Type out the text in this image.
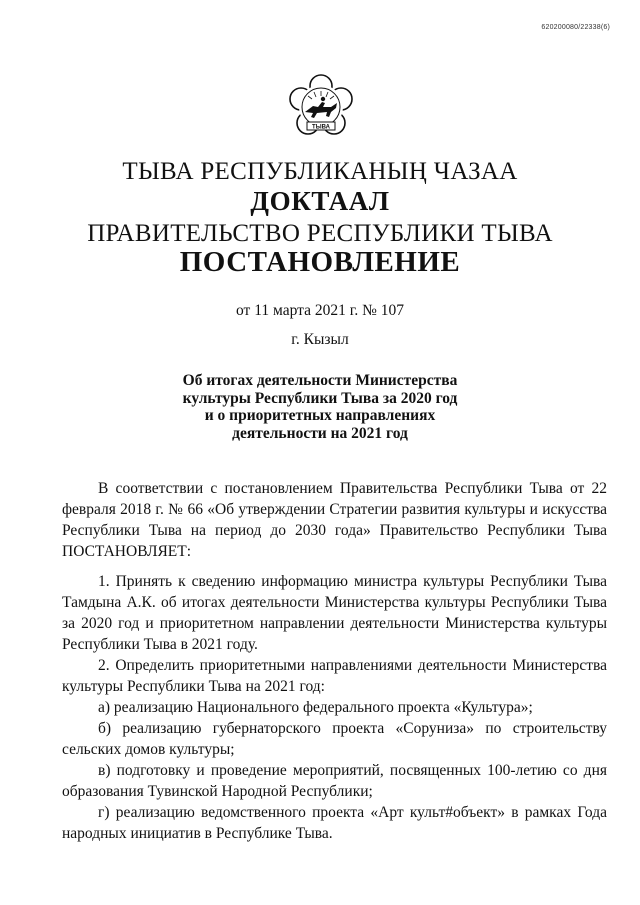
620200080/22338(6)
ТЫВА
ТЫВА РЕСПУБЛИКАНЫҢ ЧАЗАА
ДОКТААЛ
ПРАВИТЕЛЬСТВО РЕСПУБЛИКИ ТЫВА
ПОСТАНОВЛЕНИЕ
от 11 марта 2021 г. № 107
г. Кызыл
Об итогах деятельности Министерства
культуры Республики Тыва за 2020 год
и о приоритетных направлениях
деятельности на 2021 год

В соответствии с постановлением Правительства Республики Тыва от 22 февраля 2018 г. № 66 «Об утверждении Стратегии развития культуры и искусства Республики Тыва на период до 2030 года» Правительство Республики Тыва ПОСТАНОВЛЯЕТ:

1. Принять к сведению информацию министра культуры Республики Тыва Тамдына А.К. об итогах деятельности Министерства культуры Республики Тыва за 2020 год и приоритетном направлении деятельности Министерства культуры Республики Тыва в 2021 году.

2. Определить приоритетными направлениями деятельности Министерства культуры Республики Тыва на 2021 год:

а) реализацию Национального федерального проекта «Культура»;

б) реализацию губернаторского проекта «Соруниза» по строительству сельских домов культуры;

в) подготовку и проведение мероприятий, посвященных 100-летию со дня образования Тувинской Народной Республики;

г) реализацию ведомственного проекта «Арт культ#объект» в рамках Года народных инициатив в Республике Тыва.
